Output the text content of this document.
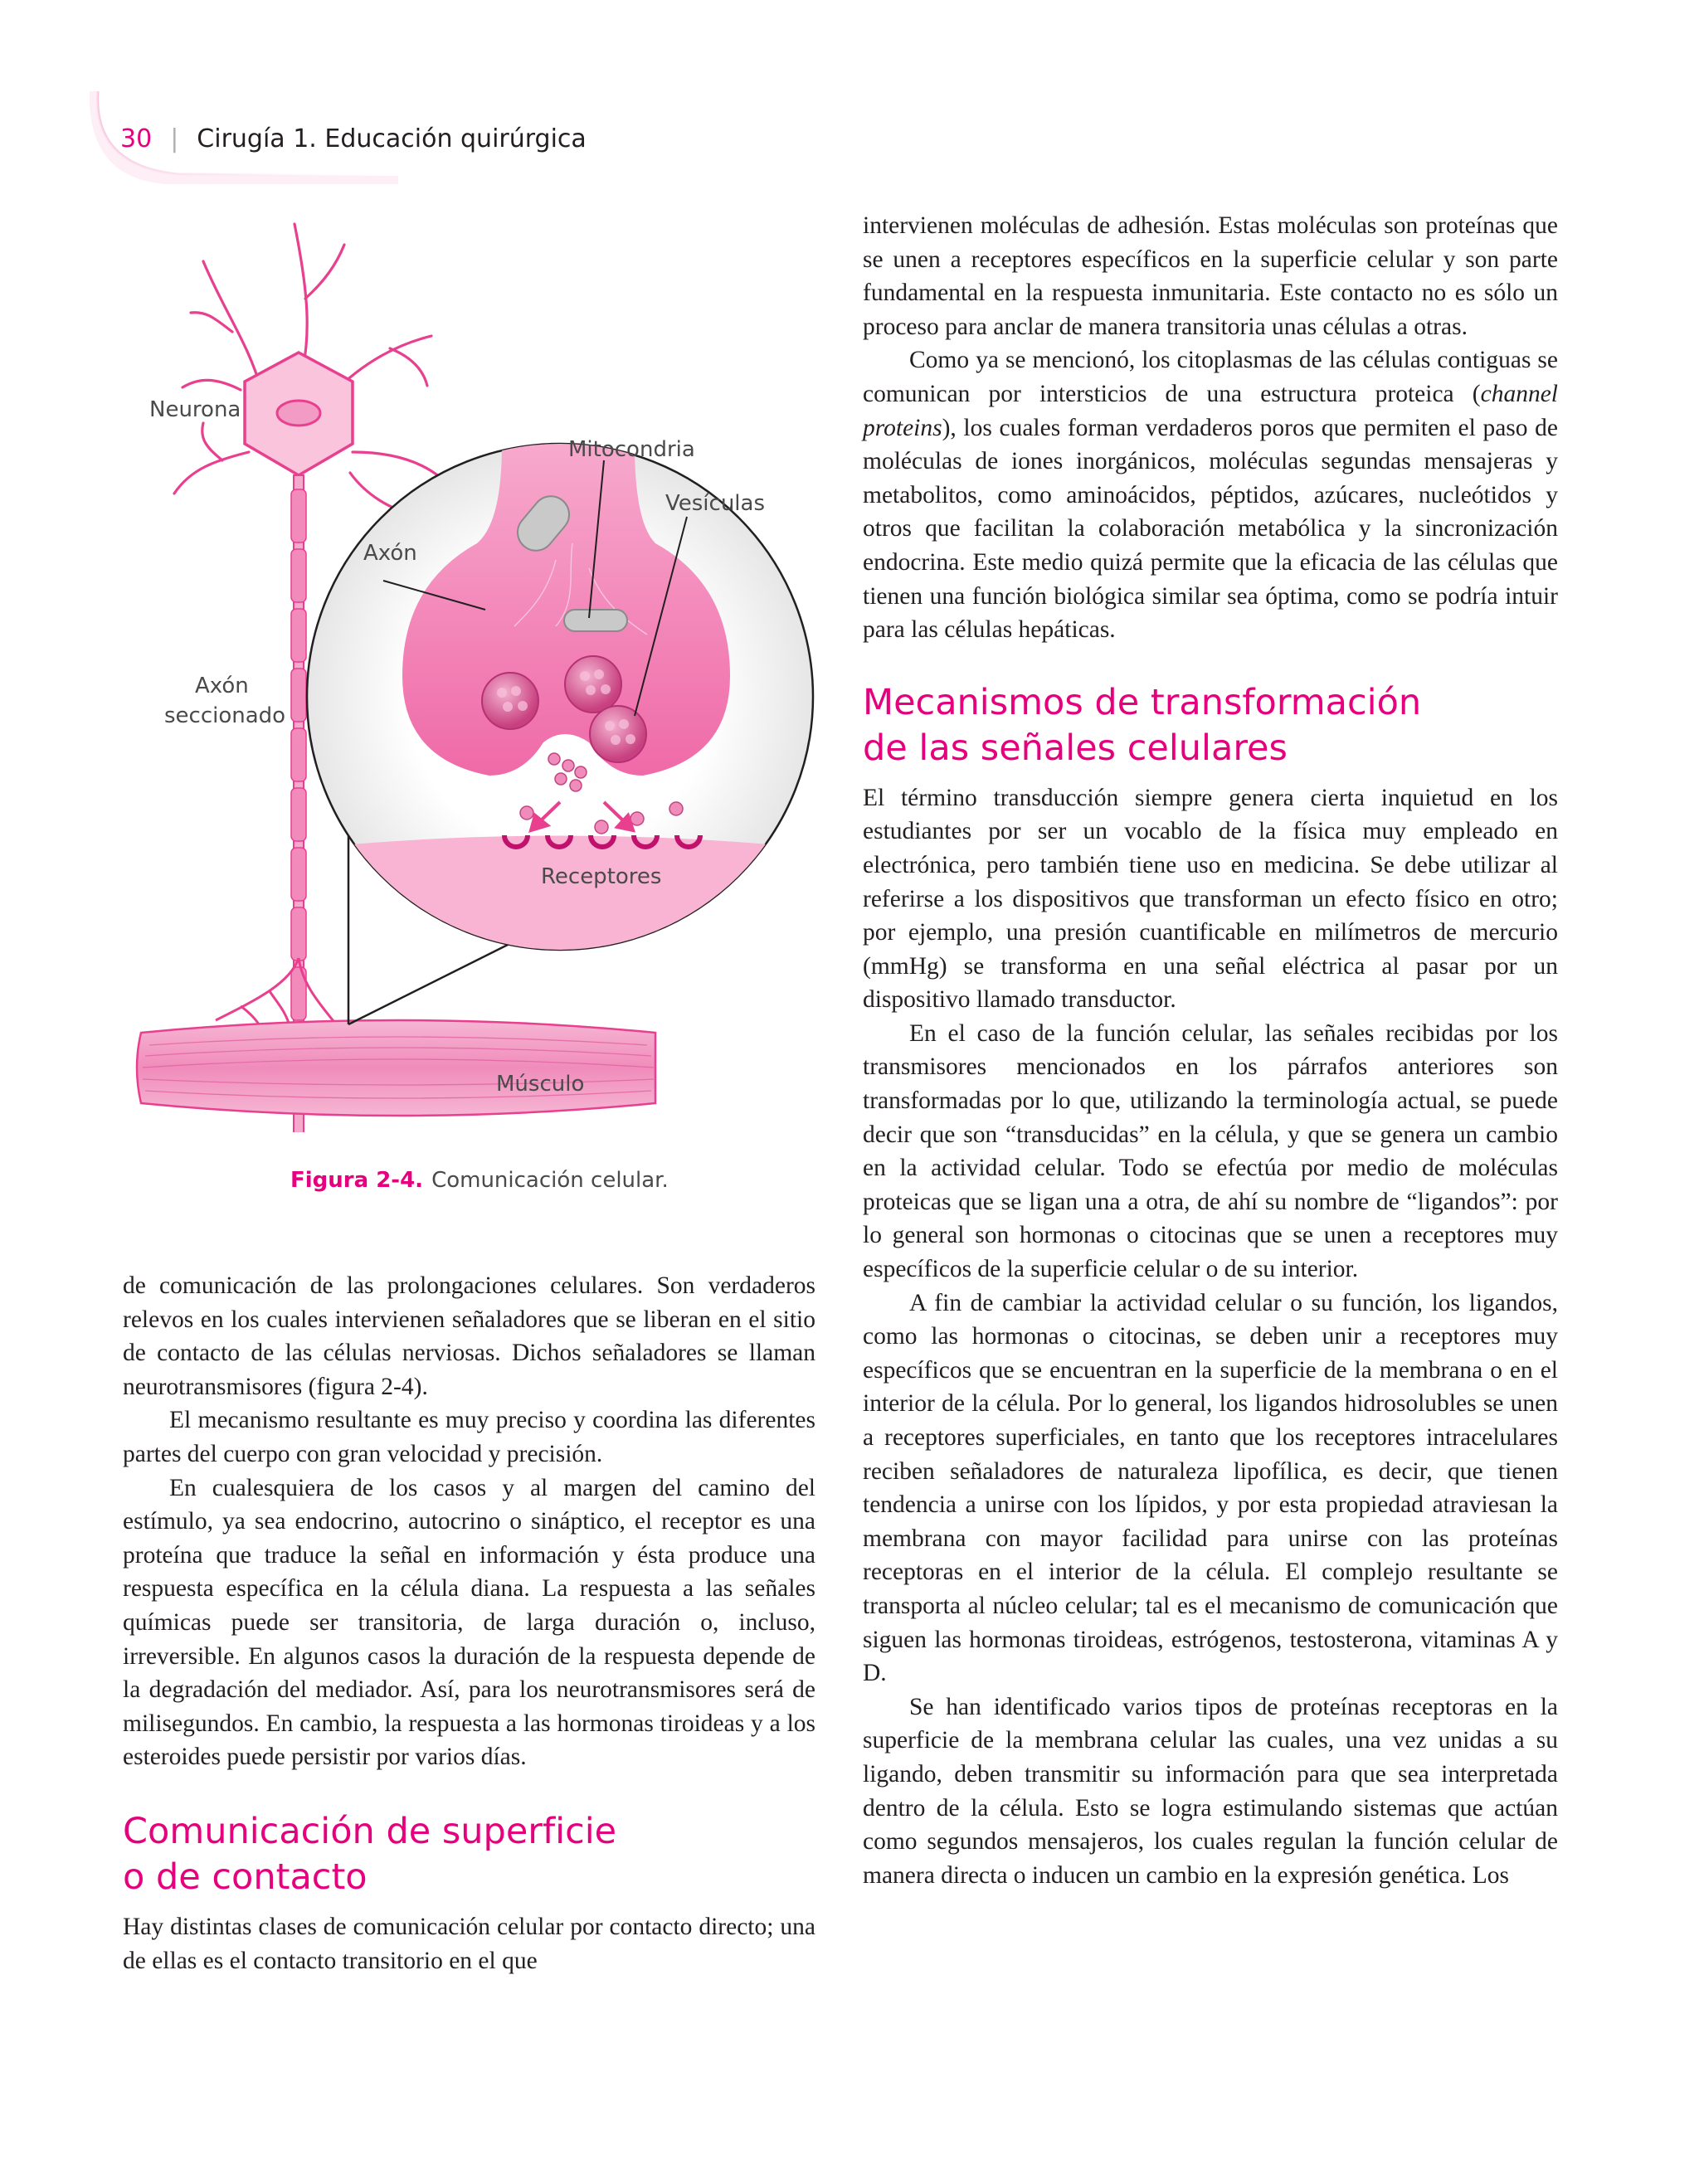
30 | Cirugía 1. Educación quirúrgica
Neurona
Axón
Axón
seccionado
Mitocondria
Vesículas
Receptores
Músculo
Figura 2-4. Comunicación celular.

de comunicación de las prolongaciones celulares. Son verdaderos relevos en los cuales intervienen señaladores que se liberan en el sitio de contacto de las células nerviosas. Dichos señaladores se llaman neurotransmisores (figura 2-4).

El mecanismo resultante es muy preciso y coordina las diferentes partes del cuerpo con gran velocidad y precisión.

En cualesquiera de los casos y al margen del camino del estímulo, ya sea endocrino, autocrino o sináptico, el receptor es una proteína que traduce la señal en información y ésta produce una respuesta específica en la célula diana. La respuesta a las señales químicas puede ser transitoria, de larga duración o, incluso, irreversible. En algunos casos la duración de la respuesta depende de la degradación del mediador. Así, para los neurotransmisores será de milisegundos. En cambio, la respuesta a las hormonas tiroideas y a los esteroides puede persistir por varios días.

Comunicación de superficie
o de contacto

Hay distintas clases de comunicación celular por contacto directo; una de ellas es el contacto transitorio en el que

intervienen moléculas de adhesión. Estas moléculas son proteínas que se unen a receptores específicos en la superficie celular y son parte fundamental en la respuesta inmunitaria. Este contacto no es sólo un proceso para anclar de manera transitoria unas células a otras.

Como ya se mencionó, los citoplasmas de las células contiguas se comunican por intersticios de una estructura proteica (channel proteins), los cuales forman verdaderos poros que permiten el paso de moléculas de iones inorgánicos, moléculas segundas mensajeras y metabolitos, como aminoácidos, péptidos, azúcares, nucleótidos y otros que facilitan la colaboración metabólica y la sincronización endocrina. Este medio quizá permite que la eficacia de las células que tienen una función biológica similar sea óptima, como se podría intuir para las células hepáticas.

Mecanismos de transformación
de las señales celulares

El término transducción siempre genera cierta inquietud en los estudiantes por ser un vocablo de la física muy empleado en electrónica, pero también tiene uso en medicina. Se debe utilizar al referirse a los dispositivos que transforman un efecto físico en otro; por ejemplo, una presión cuantificable en milímetros de mercurio (mmHg) se transforma en una señal eléctrica al pasar por un dispositivo llamado transductor.

En el caso de la función celular, las señales recibidas por los transmisores mencionados en los párrafos anteriores son transformadas por lo que, utilizando la terminología actual, se puede decir que son “transducidas” en la célula, y que se genera un cambio en la actividad celular. Todo se efectúa por medio de moléculas proteicas que se ligan una a otra, de ahí su nombre de “ligandos”: por lo general son hormonas o citocinas que se unen a receptores muy específicos de la superficie celular o de su interior.

A fin de cambiar la actividad celular o su función, los ligandos, como las hormonas o citocinas, se deben unir a receptores muy específicos que se encuentran en la superficie de la membrana o en el interior de la célula. Por lo general, los ligandos hidrosolubles se unen a receptores superficiales, en tanto que los receptores intracelulares reciben señaladores de naturaleza lipofílica, es decir, que tienen tendencia a unirse con los lípidos, y por esta propiedad atraviesan la membrana con mayor facilidad para unirse con las proteínas receptoras en el interior de la célula. El complejo resultante se transporta al núcleo celular; tal es el mecanismo de comunicación que siguen las hormonas tiroideas, estrógenos, testosterona, vitaminas A y D.

Se han identificado varios tipos de proteínas receptoras en la superficie de la membrana celular las cuales, una vez unidas a su ligando, deben transmitir su información para que sea interpretada dentro de la célula. Esto se logra estimulando sistemas que actúan como segundos mensajeros, los cuales regulan la función celular de manera directa o inducen un cambio en la expresión genética. Los
